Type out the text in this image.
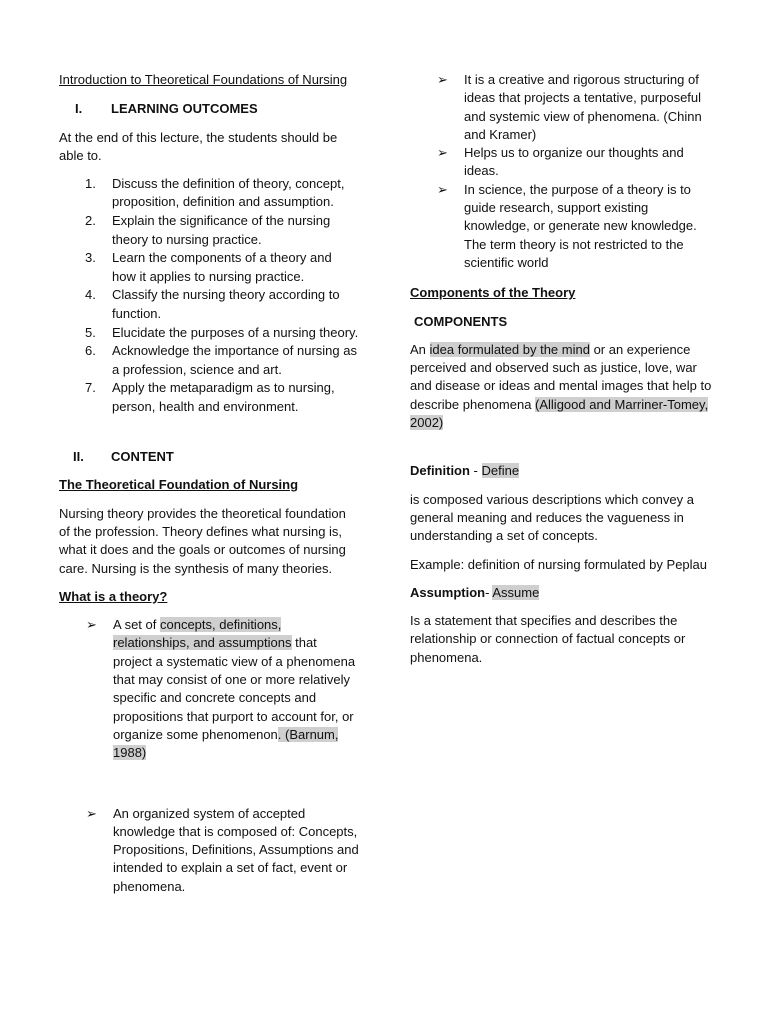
Introduction to Theoretical Foundations of Nursing

I.	LEARNING OUTCOMES

At the end of this lecture, the students should be able to.

1.	Discuss the definition of theory, concept, proposition, definition and assumption.
2.	Explain the significance of the nursing theory to nursing practice.
3.	Learn the components of a theory and how it applies to nursing practice.
4.	Classify the nursing theory according to function.
5.	Elucidate the purposes of a nursing theory.
6.	Acknowledge the importance of nursing as a profession, science and art.
7.	Apply the metaparadigm as to nursing, person, health and environment.
II.	CONTENT

The Theoretical Foundation of Nursing

Nursing theory provides the theoretical foundation of the profession. Theory defines what nursing is, what it does and the goals or outcomes of nursing care. Nursing is the synthesis of many theories.

What is a theory?

➢	A set of concepts, definitions, relationships, and assumptions that project a systematic view of a phenomena that may consist of one or more relatively specific and concrete concepts and propositions that purport to account for, or organize some phenomenon. (Barnum, 1988)
➢	An organized system of accepted knowledge that is composed of: Concepts, Propositions, Definitions, Assumptions and intended to explain a set of fact, event or phenomena.
➢	It is a creative and rigorous structuring of ideas that projects a tentative, purposeful and systemic view of phenomena. (Chinn and Kramer)
➢	Helps us to organize our thoughts and ideas.
➢	In science, the purpose of a theory is to guide research, support existing knowledge, or generate new knowledge. The term theory is not restricted to the scientific world

Components of the Theory

COMPONENTS

An idea formulated by the mind or an experience perceived and observed such as justice, love, war and disease or ideas and mental images that help to describe phenomena (Alligood and Marriner-Tomey, 2002)

Definition - Define

is composed various descriptions which convey a general meaning and reduces the vagueness in understanding a set of concepts.

Example: definition of nursing formulated by Peplau

Assumption- Assume

Is a statement that specifies and describes the relationship or connection of factual concepts or phenomena.
